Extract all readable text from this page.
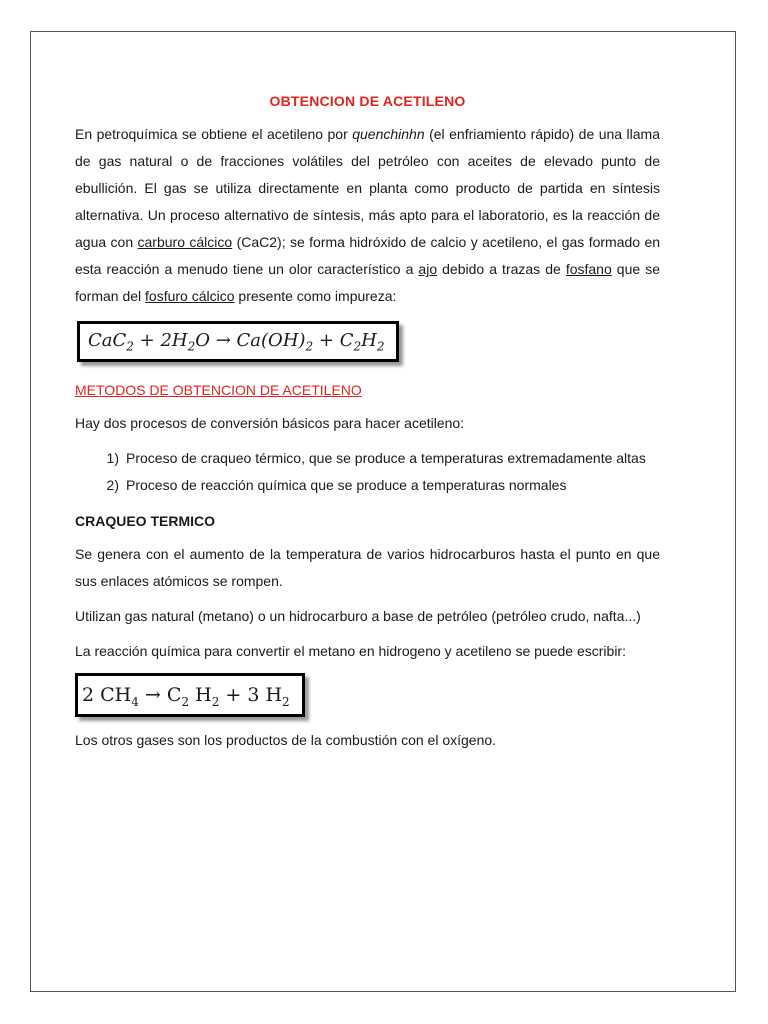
OBTENCION DE ACETILENO

En petroquímica se obtiene el acetileno por quenchinhn (el enfriamiento rápido) de una llama de gas natural o de fracciones volátiles del petróleo con aceites de elevado punto de ebullición. El gas se utiliza directamente en planta como producto de partida en síntesis alternativa. Un proceso alternativo de síntesis, más apto para el laboratorio, es la reacción de agua con carburo cálcico (CaC2); se forma hidróxido de calcio y acetileno, el gas formado en esta reacción a menudo tiene un olor característico a ajo debido a trazas de fosfano que se forman del fosfuro cálcico presente como impureza:

$CaC_2 + 2H_2O \to Ca(OH)_2 + C_2H_2$
METODOS DE OBTENCION DE ACETILENO

Hay dos procesos de conversión básicos para hacer acetileno:

1) Proceso de craqueo térmico, que se produce a temperaturas extremadamente altas
2) Proceso de reacción química que se produce a temperaturas normales
CRAQUEO TERMICO

Se genera con el aumento de la temperatura de varios hidrocarburos hasta el punto en que sus enlaces atómicos se rompen.

Utilizan gas natural (metano) o un hidrocarburo a base de petróleo (petróleo crudo, nafta...)

La reacción química para convertir el metano en hidrogeno y acetileno se puede escribir:

2 $CH_4 \to C_2$ $H_2 + 3$ $H_2$

Los otros gases son los productos de la combustión con el oxígeno.
